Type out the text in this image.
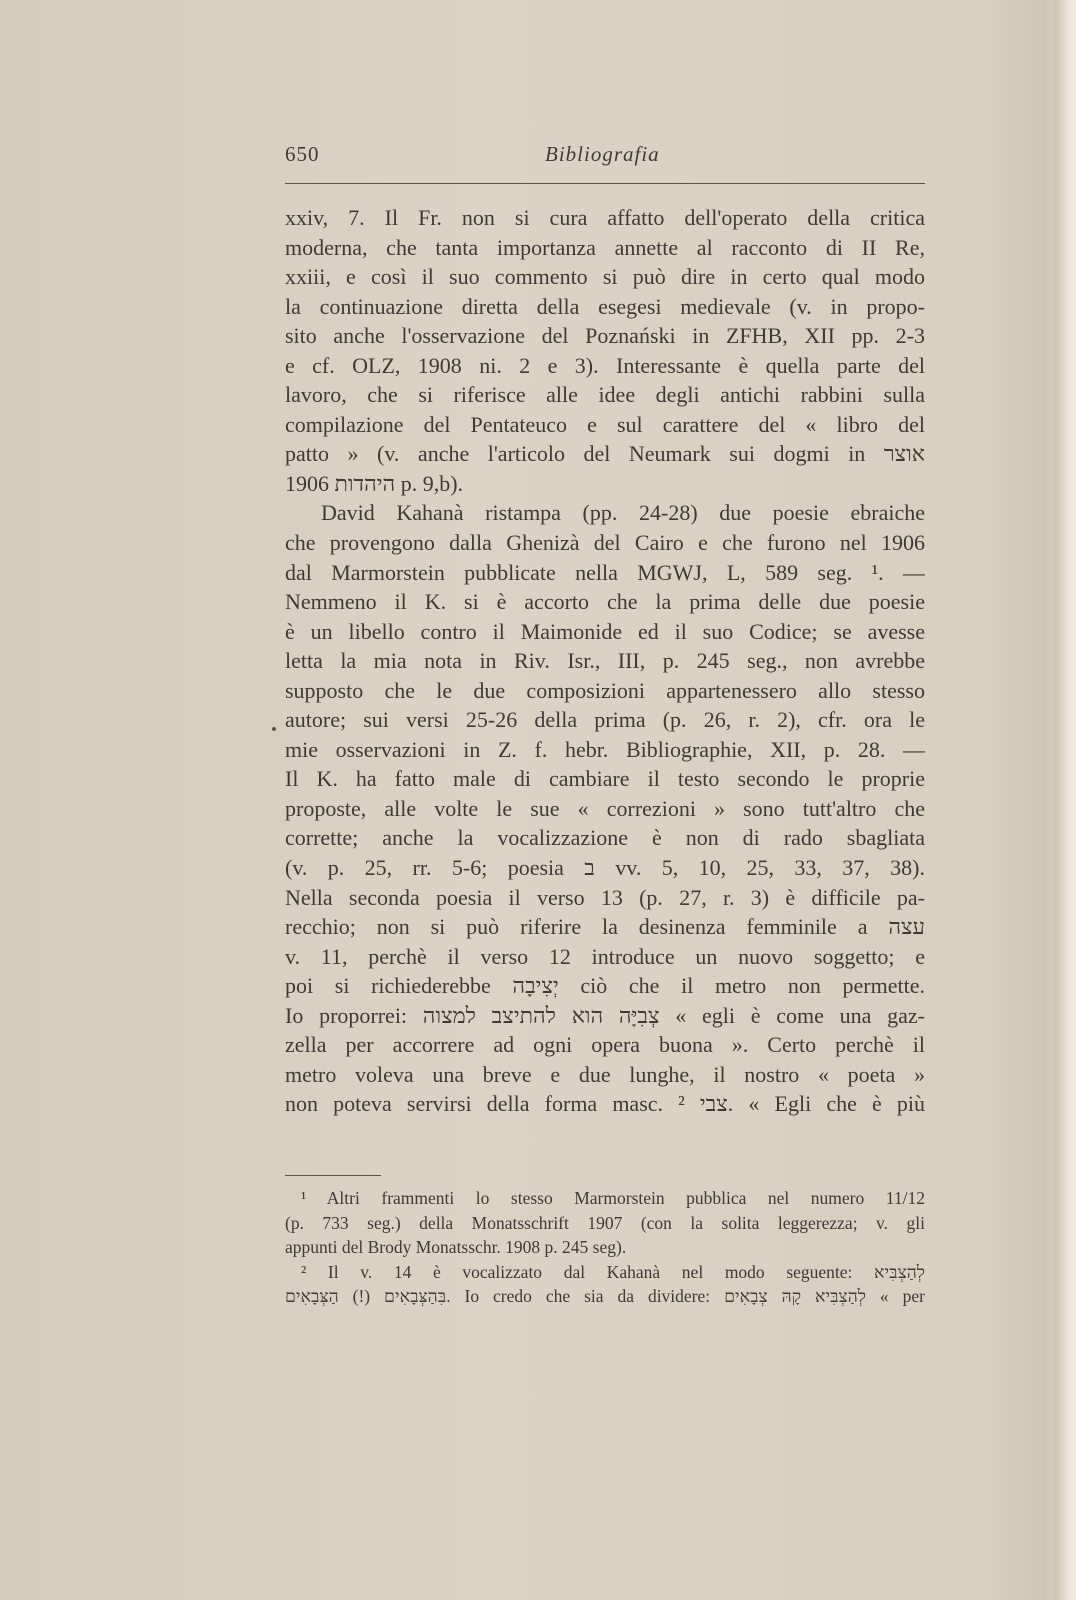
650	Bibliografia
xxiv, 7. Il Fr. non si cura affatto dell'operato della critica
moderna, che tanta importanza annette al racconto di II Re,
xxiii, e così il suo commento si può dire in certo qual modo
la continuazione diretta della esegesi medievale (v. in propo-
sito anche l'osservazione del Poznański in ZFHB, XII pp. 2-3
e cf. OLZ, 1908 ni. 2 e 3). Interessante è quella parte del
lavoro, che si riferisce alle idee degli antichi rabbini sulla
compilazione del Pentateuco e sul carattere del « libro del
patto » (v. anche l'articolo del Neumark sui dogmi in אוצר
היהדות 1906 p. 9,b).
David Kahanà ristampa (pp. 24-28) due poesie ebraiche
che provengono dalla Ghenizà del Cairo e che furono nel 1906
dal Marmorstein pubblicate nella MGWJ, L, 589 seg. ¹. —
Nemmeno il K. si è accorto che la prima delle due poesie
è un libello contro il Maimonide ed il suo Codice; se avesse
letta la mia nota in Riv. Isr., III, p. 245 seg., non avrebbe
supposto che le due composizioni appartenessero allo stesso
autore; sui versi 25-26 della prima (p. 26, r. 2), cfr. ora le
mie osservazioni in Z. f. hebr. Bibliographie, XII, p. 28. —
Il K. ha fatto male di cambiare il testo secondo le proprie
proposte, alle volte le sue « correzioni » sono tutt'altro che
corrette; anche la vocalizzazione è non di rado sbagliata
(v. p. 25, rr. 5-6; poesia ב vv. 5, 10, 25, 33, 37, 38).
Nella seconda poesia il verso 13 (p. 27, r. 3) è difficile pa-
recchio; non si può riferire la desinenza femminile a עצה
v. 11, perchè il verso 12 introduce un nuovo soggetto; e
poi si richiederebbe יְצִיבָה ciò che il metro non permette.
Io proporrei: צְבִיָּה הוא להתיצב למצוה « egli è come una gaz-
zella per accorrere ad ogni opera buona ». Certo perchè il
metro voleva una breve e due lunghe, il nostro « poeta »
non poteva servirsi della forma masc. צבי ². « Egli che è più
¹ Altri frammenti lo stesso Marmorstein pubblica nel numero 11/12
(p. 733 seg.) della Monatsschrift 1907 (con la solita leggerezza; v. gli
appunti del Brody Monatsschr. 1908 p. 245 seg).
² Il v. 14 è vocalizzato dal Kahanà nel modo seguente: לְהַצְבִּיא
בִּהַצְּבָאִים (!) הַצְּבָאִים. Io credo che sia da dividere: לְהַצְבִּיא קָהּ צְבָאִים « per
